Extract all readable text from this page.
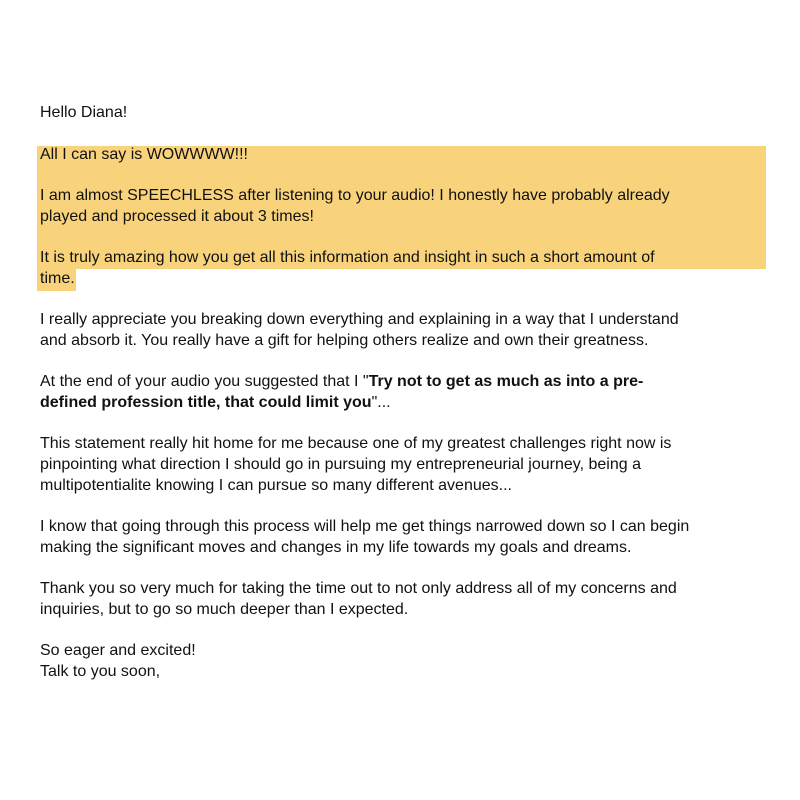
Hello Diana!

All I can say is WOWWWW!!!

I am almost SPEECHLESS after listening to your audio! I honestly have probably already
played and processed it about 3 times!

It is truly amazing how you get all this information and insight in such a short amount of
time.

I really appreciate you breaking down everything and explaining in a way that I understand
and absorb it. You really have a gift for helping others realize and own their greatness.

At the end of your audio you suggested that I "Try not to get as much as into a pre-
defined profession title, that could limit you"...

This statement really hit home for me because one of my greatest challenges right now is
pinpointing what direction I should go in pursuing my entrepreneurial journey, being a
multipotentialite knowing I can pursue so many different avenues...

I know that going through this process will help me get things narrowed down so I can begin
making the significant moves and changes in my life towards my goals and dreams.

Thank you so very much for taking the time out to not only address all of my concerns and
inquiries, but to go so much deeper than I expected.

So eager and excited!
Talk to you soon,
